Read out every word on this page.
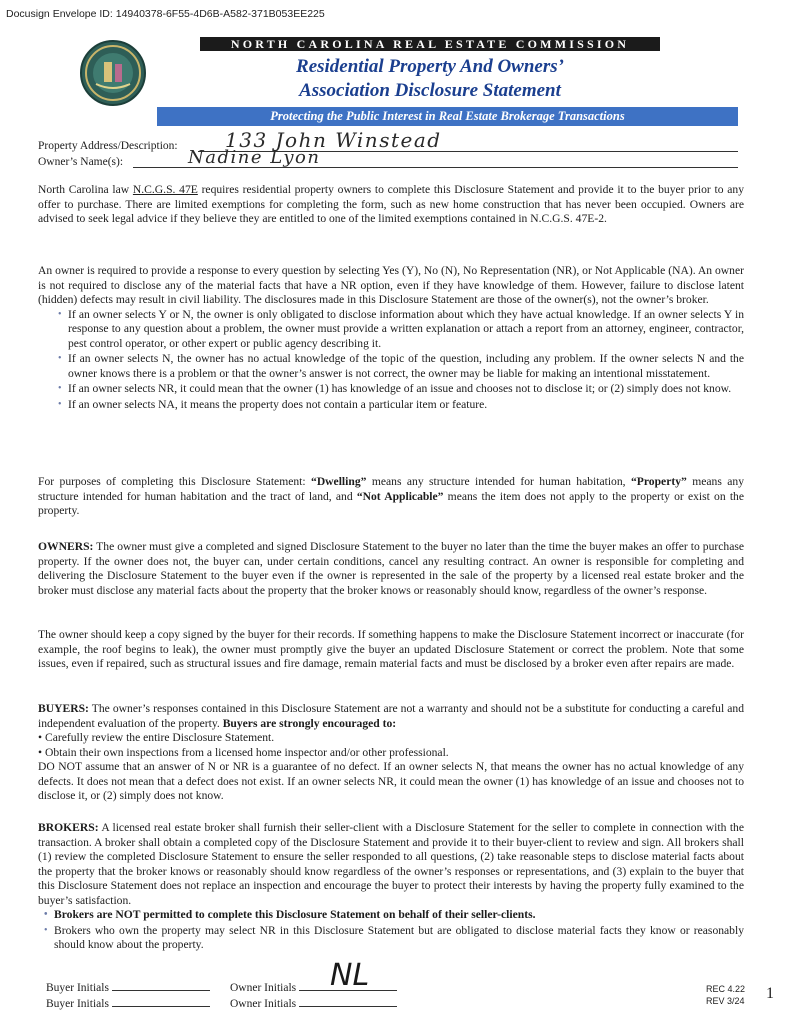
Docusign Envelope ID: 14940378-6F55-4D6B-A582-371B053EE225
NORTH CAROLINA REAL ESTATE COMMISSION
Residential Property And Owners’
Association Disclosure Statement
Protecting the Public Interest in Real Estate Brokerage Transactions
Property Address/Description: 133 John Winstead
Owner’s Name(s):	Nadine Lyon

North Carolina law N.C.G.S. 47E requires residential property owners to complete this Disclosure Statement and provide it to the buyer prior to any offer to purchase. There are limited exemptions for completing the form, such as new home construction that has never been occupied. Owners are advised to seek legal advice if they believe they are entitled to one of the limited exemptions contained in N.C.G.S. 47E-2.

An owner is required to provide a response to every question by selecting Yes (Y), No (N), No Representation (NR), or Not Applicable (NA). An owner is not required to disclose any of the material facts that have a NR option, even if they have knowledge of them. However, failure to disclose latent (hidden) defects may result in civil liability. The disclosures made in this Disclosure Statement are those of the owner(s), not the owner’s broker.

• If an owner selects Y or N, the owner is only obligated to disclose information about which they have actual knowledge. If an owner selects Y in response to any question about a problem, the owner must provide a written explanation or attach a report from an attorney, engineer, contractor, pest control operator, or other expert or public agency describing it.
• If an owner selects N, the owner has no actual knowledge of the topic of the question, including any problem. If the owner selects N and the owner knows there is a problem or that the owner’s answer is not correct, the owner may be liable for making an intentional misstatement.
• If an owner selects NR, it could mean that the owner (1) has knowledge of an issue and chooses not to disclose it; or (2) simply does not know.
• If an owner selects NA, it means the property does not contain a particular item or feature.

For purposes of completing this Disclosure Statement: “Dwelling” means any structure intended for human habitation, “Property” means any structure intended for human habitation and the tract of land, and “Not Applicable” means the item does not apply to the property or exist on the property.

OWNERS: The owner must give a completed and signed Disclosure Statement to the buyer no later than the time the buyer makes an offer to purchase property. If the owner does not, the buyer can, under certain conditions, cancel any resulting contract. An owner is responsible for completing and delivering the Disclosure Statement to the buyer even if the owner is represented in the sale of the property by a licensed real estate broker and the broker must disclose any material facts about the property that the broker knows or reasonably should know, regardless of the owner’s response.

The owner should keep a copy signed by the buyer for their records. If something happens to make the Disclosure Statement incorrect or inaccurate (for example, the roof begins to leak), the owner must promptly give the buyer an updated Disclosure Statement or correct the problem. Note that some issues, even if repaired, such as structural issues and fire damage, remain material facts and must be disclosed by a broker even after repairs are made.

BUYERS: The owner’s responses contained in this Disclosure Statement are not a warranty and should not be a substitute for conducting a careful and independent evaluation of the property. Buyers are strongly encouraged to:

• Carefully review the entire Disclosure Statement.

• Obtain their own inspections from a licensed home inspector and/or other professional.

DO NOT assume that an answer of N or NR is a guarantee of no defect. If an owner selects N, that means the owner has no actual knowledge of any defects. It does not mean that a defect does not exist. If an owner selects NR, it could mean the owner (1) has knowledge of an issue and chooses not to disclose it, or (2) simply does not know.

BROKERS: A licensed real estate broker shall furnish their seller-client with a Disclosure Statement for the seller to complete in connection with the transaction. A broker shall obtain a completed copy of the Disclosure Statement and provide it to their buyer-client to review and sign. All brokers shall (1) review the completed Disclosure Statement to ensure the seller responded to all questions, (2) take reasonable steps to disclose material facts about the property that the broker knows or reasonably should know regardless of the owner’s responses or representations, and (3) explain to the buyer that this Disclosure Statement does not replace an inspection and encourage the buyer to protect their interests by having the property fully examined to the buyer’s satisfaction.

• Brokers are NOT permitted to complete this Disclosure Statement on behalf of their seller-clients.
• Brokers who own the property may select NR in this Disclosure Statement but are obligated to disclose material facts they know or reasonably should know about the property.
Buyer Initials
Buyer Initials
Owner Initials
Owner Initials
NL	REC 4.22
REV 3/24 1
